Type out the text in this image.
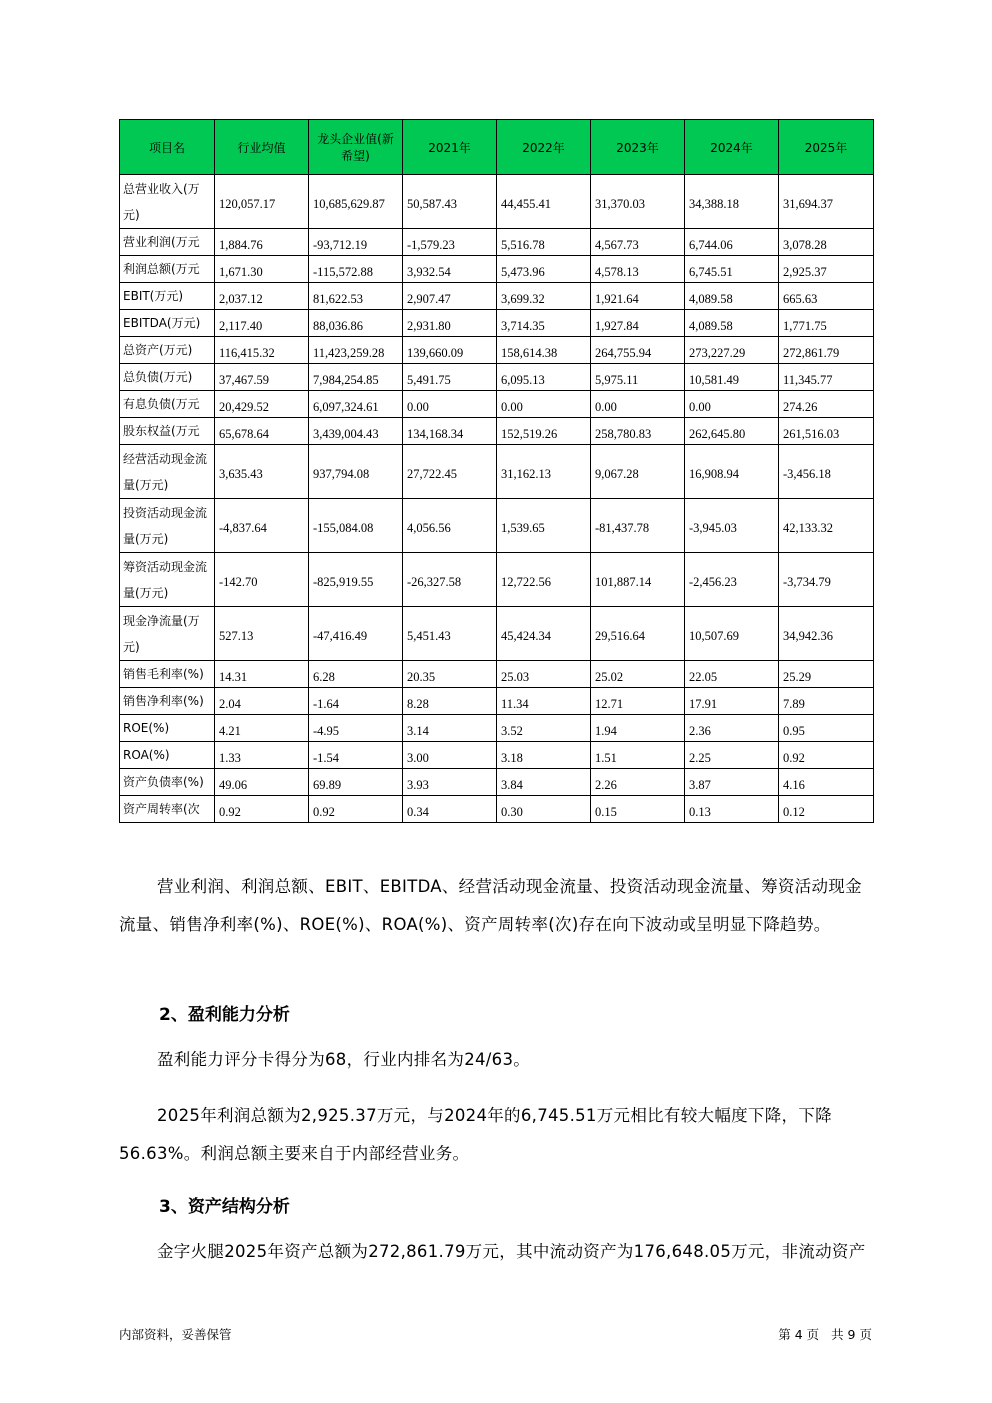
项目名	行业均值	龙头企业值(新希望)	2021年	2022年	2023年	2024年	2025年
总营业收入(万元)	120,057.17	10,685,629.87	50,587.43	44,455.41	31,370.03	34,388.18	31,694.37
营业利润(万元	1,884.76	-93,712.19	-1,579.23	5,516.78	4,567.73	6,744.06	3,078.28
利润总额(万元	1,671.30	-115,572.88	3,932.54	5,473.96	4,578.13	6,745.51	2,925.37
EBIT(万元)	2,037.12	81,622.53	2,907.47	3,699.32	1,921.64	4,089.58	665.63
EBITDA(万元)	2,117.40	88,036.86	2,931.80	3,714.35	1,927.84	4,089.58	1,771.75
总资产(万元)	116,415.32	11,423,259.28	139,660.09	158,614.38	264,755.94	273,227.29	272,861.79
总负债(万元)	37,467.59	7,984,254.85	5,491.75	6,095.13	5,975.11	10,581.49	11,345.77
有息负债(万元	20,429.52	6,097,324.61	0.00	0.00	0.00	0.00	274.26
股东权益(万元	65,678.64	3,439,004.43	134,168.34	152,519.26	258,780.83	262,645.80	261,516.03
经营活动现金流量(万元)	3,635.43	937,794.08	27,722.45	31,162.13	9,067.28	16,908.94	-3,456.18
投资活动现金流量(万元)	-4,837.64	-155,084.08	4,056.56	1,539.65	-81,437.78	-3,945.03	42,133.32
筹资活动现金流量(万元)	-142.70	-825,919.55	-26,327.58	12,722.56	101,887.14	-2,456.23	-3,734.79
现金净流量(万元)	527.13	-47,416.49	5,451.43	45,424.34	29,516.64	10,507.69	34,942.36
销售毛利率(%)	14.31	6.28	20.35	25.03	25.02	22.05	25.29
销售净利率(%)	2.04	-1.64	8.28	11.34	12.71	17.91	7.89
ROE(%)	4.21	-4.95	3.14	3.52	1.94	2.36	0.95
ROA(%)	1.33	-1.54	3.00	3.18	1.51	2.25	0.92
资产负债率(%)	49.06	69.89	3.93	3.84	2.26	3.87	4.16
资产周转率(次	0.92	0.92	0.34	0.30	0.15	0.13	0.12
营业利润、利润总额、EBIT、EBITDA、经营活动现金流量、投资活动现金流量、筹资活动现金流量、销售净利率(%)、ROE(%)、ROA(%)、资产周转率(次)存在向下波动或呈明显下降趋势。
2、盈利能力分析
盈利能力评分卡得分为68，行业内排名为24/63。
2025年利润总额为2,925.37万元，与2024年的6,745.51万元相比有较大幅度下降，下降56.63%。利润总额主要来自于内部经营业务。
3、资产结构分析
金字火腿2025年资产总额为272,861.79万元，其中流动资产为176,648.05万元，非流动资产
内部资料，妥善保管	第 4 页   共 9 页
